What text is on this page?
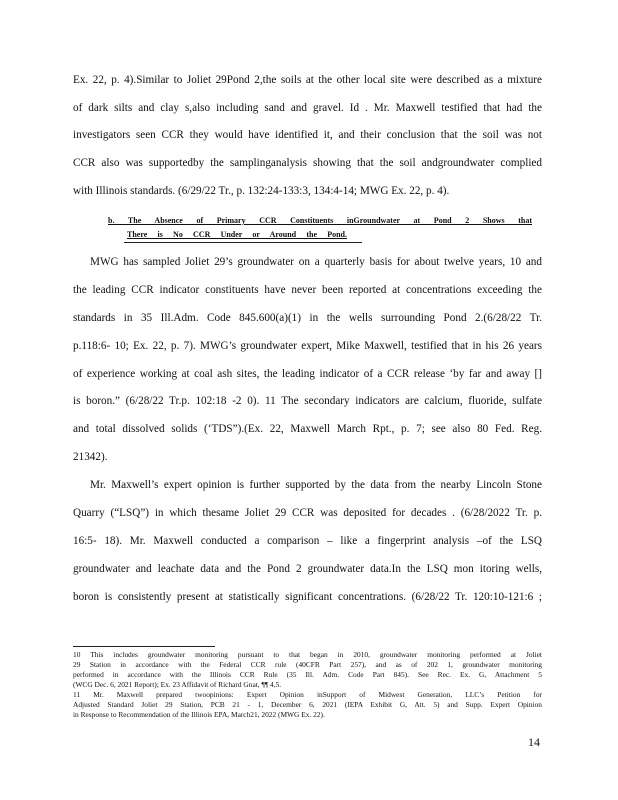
Ex. 22, p. 4).Similar to Joliet 29Pond 2,the soils at the other local site were described as a mixture
of dark silts and clay s,also including sand and gravel. Id . Mr. Maxwell testified that had the
investigators seen CCR they would have identified it, and their conclusion that the soil was not
CCR also was supportedby the samplinganalysis showing that the soil andgroundwater complied
with Illinois standards. (6/29/22 Tr., p. 132:24-133:3, 134:4-14; MWG Ex. 22, p. 4).
b. The Absence of Primary CCR Constituents inGroundwater at Pond 2 Shows that
There is No CCR Under or Around the Pond.
MWG has sampled Joliet 29’s groundwater on a quarterly basis for about twelve years, 10 and
the leading CCR indicator constituents have never been reported at concentrations exceeding the
standards in 35 Ill.Adm. Code 845.600(a)(1) in the wells surrounding Pond 2.(6/28/22 Tr.
p.118:6- 10; Ex. 22, p. 7). MWG’s groundwater expert, Mike Maxwell, testified that in his 26 years
of experience working at coal ash sites, the leading indicator of a CCR release ‘by far and away []
is boron.” (6/28/22 Tr.p. 102:18 -2 0). 11 The secondary indicators are calcium, fluoride, sulfate
and total dissolved solids (‘TDS”).(Ex. 22, Maxwell March Rpt., p. 7; see also 80 Fed. Reg.
21342).
Mr. Maxwell’s expert opinion is further supported by the data from the nearby Lincoln Stone
Quarry (“LSQ”) in which thesame Joliet 29 CCR was deposited for decades . (6/28/2022 Tr. p.
16:5- 18). Mr. Maxwell conducted a comparison – like a fingerprint analysis –of the LSQ
groundwater and leachate data and the Pond 2 groundwater data.In the LSQ mon itoring wells,
boron is consistently present at statistically significant concentrations. (6/28/22 Tr. 120:10-121:6 ;
10 This includes groundwater monitoring pursuant to that began in 2010, groundwater monitoring performed at Joliet
29 Station in accordance with the Federal CCR rule (40CFR Part 257), and as of 202 1, groundwater monitoring
performed in accordance with the Illinois CCR Rule (35 Ill. Adm. Code Part 845). See Rec. Ex. G, Attachment 5
(WCG Dec. 6, 2021 Report); Ex. 23 Affidavit of Richard Gnat, ¶¶ 4,5.
11 Mr. Maxwell prepared twoopinions: Expert Opinion inSupport of Midwest Generation, LLC’s Petition for
Adjusted Standard Joliet 29 Station, PCB 21 - 1, December 6, 2021 (IEPA Exhibit G, Att. 5) and Supp. Expert Opinion
in Response to Recommendation of the Illinois EPA, March21, 2022 (MWG Ex. 22).
14
